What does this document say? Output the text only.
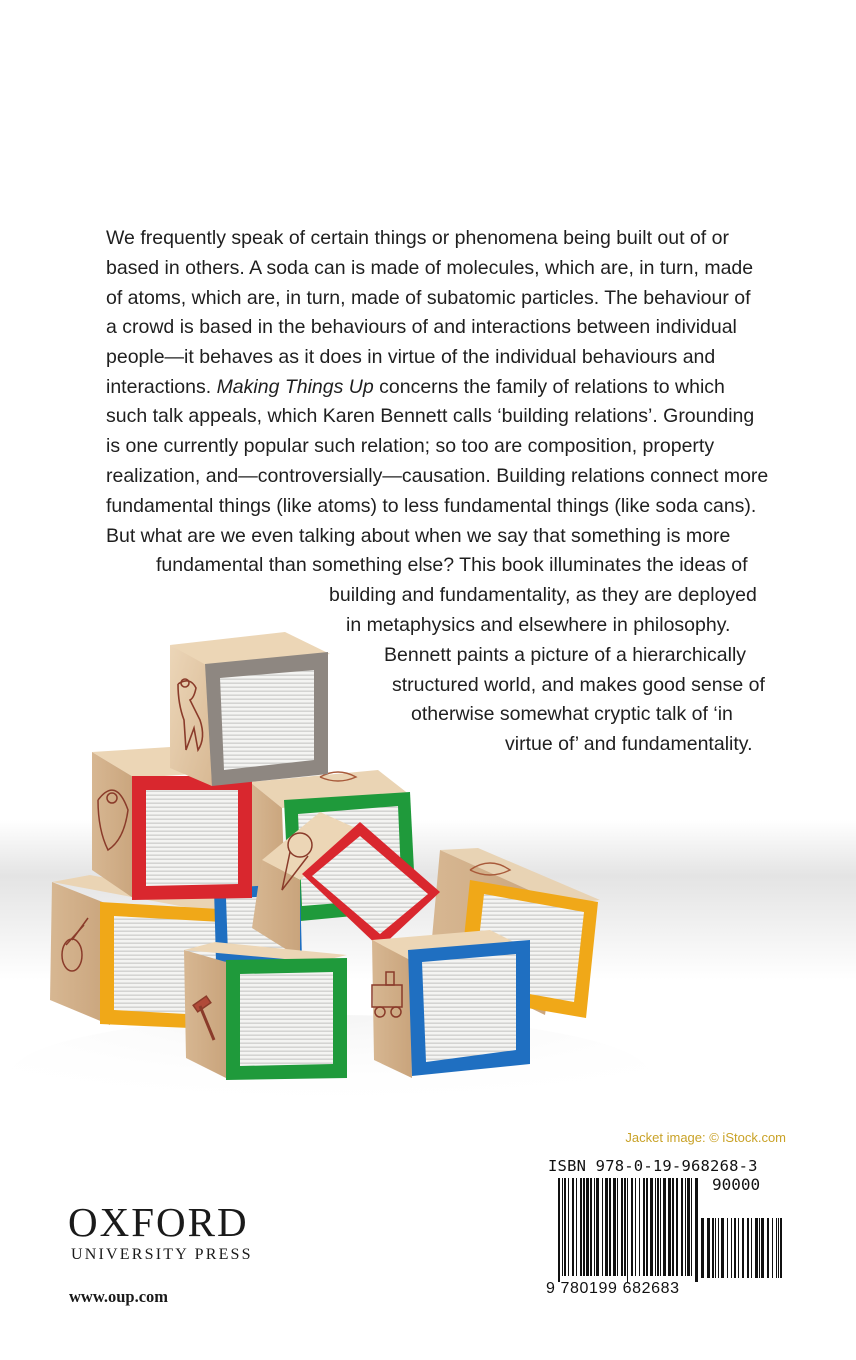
We frequently speak of certain things or phenomena being built out of or
based in others. A soda can is made of molecules, which are, in turn, made
of atoms, which are, in turn, made of subatomic particles. The behaviour of
a crowd is based in the behaviours of and interactions between individual
people—it behaves as it does in virtue of the individual behaviours and
interactions. Making Things Up concerns the family of relations to which
such talk appeals, which Karen Bennett calls ‘building relations’. Grounding
is one currently popular such relation; so too are composition, property
realization, and—controversially—causation. Building relations connect more
fundamental things (like atoms) to less fundamental things (like soda cans).
But what are we even talking about when we say that something is more
fundamental than something else? This book illuminates the ideas of
building and fundamentality, as they are deployed
in metaphysics and elsewhere in philosophy.
Bennett paints a picture of a hierarchically
structured world, and makes good sense of
otherwise somewhat cryptic talk of ‘in
virtue of’ and fundamentality.
Jacket image: © iStock.com
ISBN 978-0-19-968268-3
90000
9 780199 682683
OXFORD
UNIVERSITY PRESS
www.oup.com
